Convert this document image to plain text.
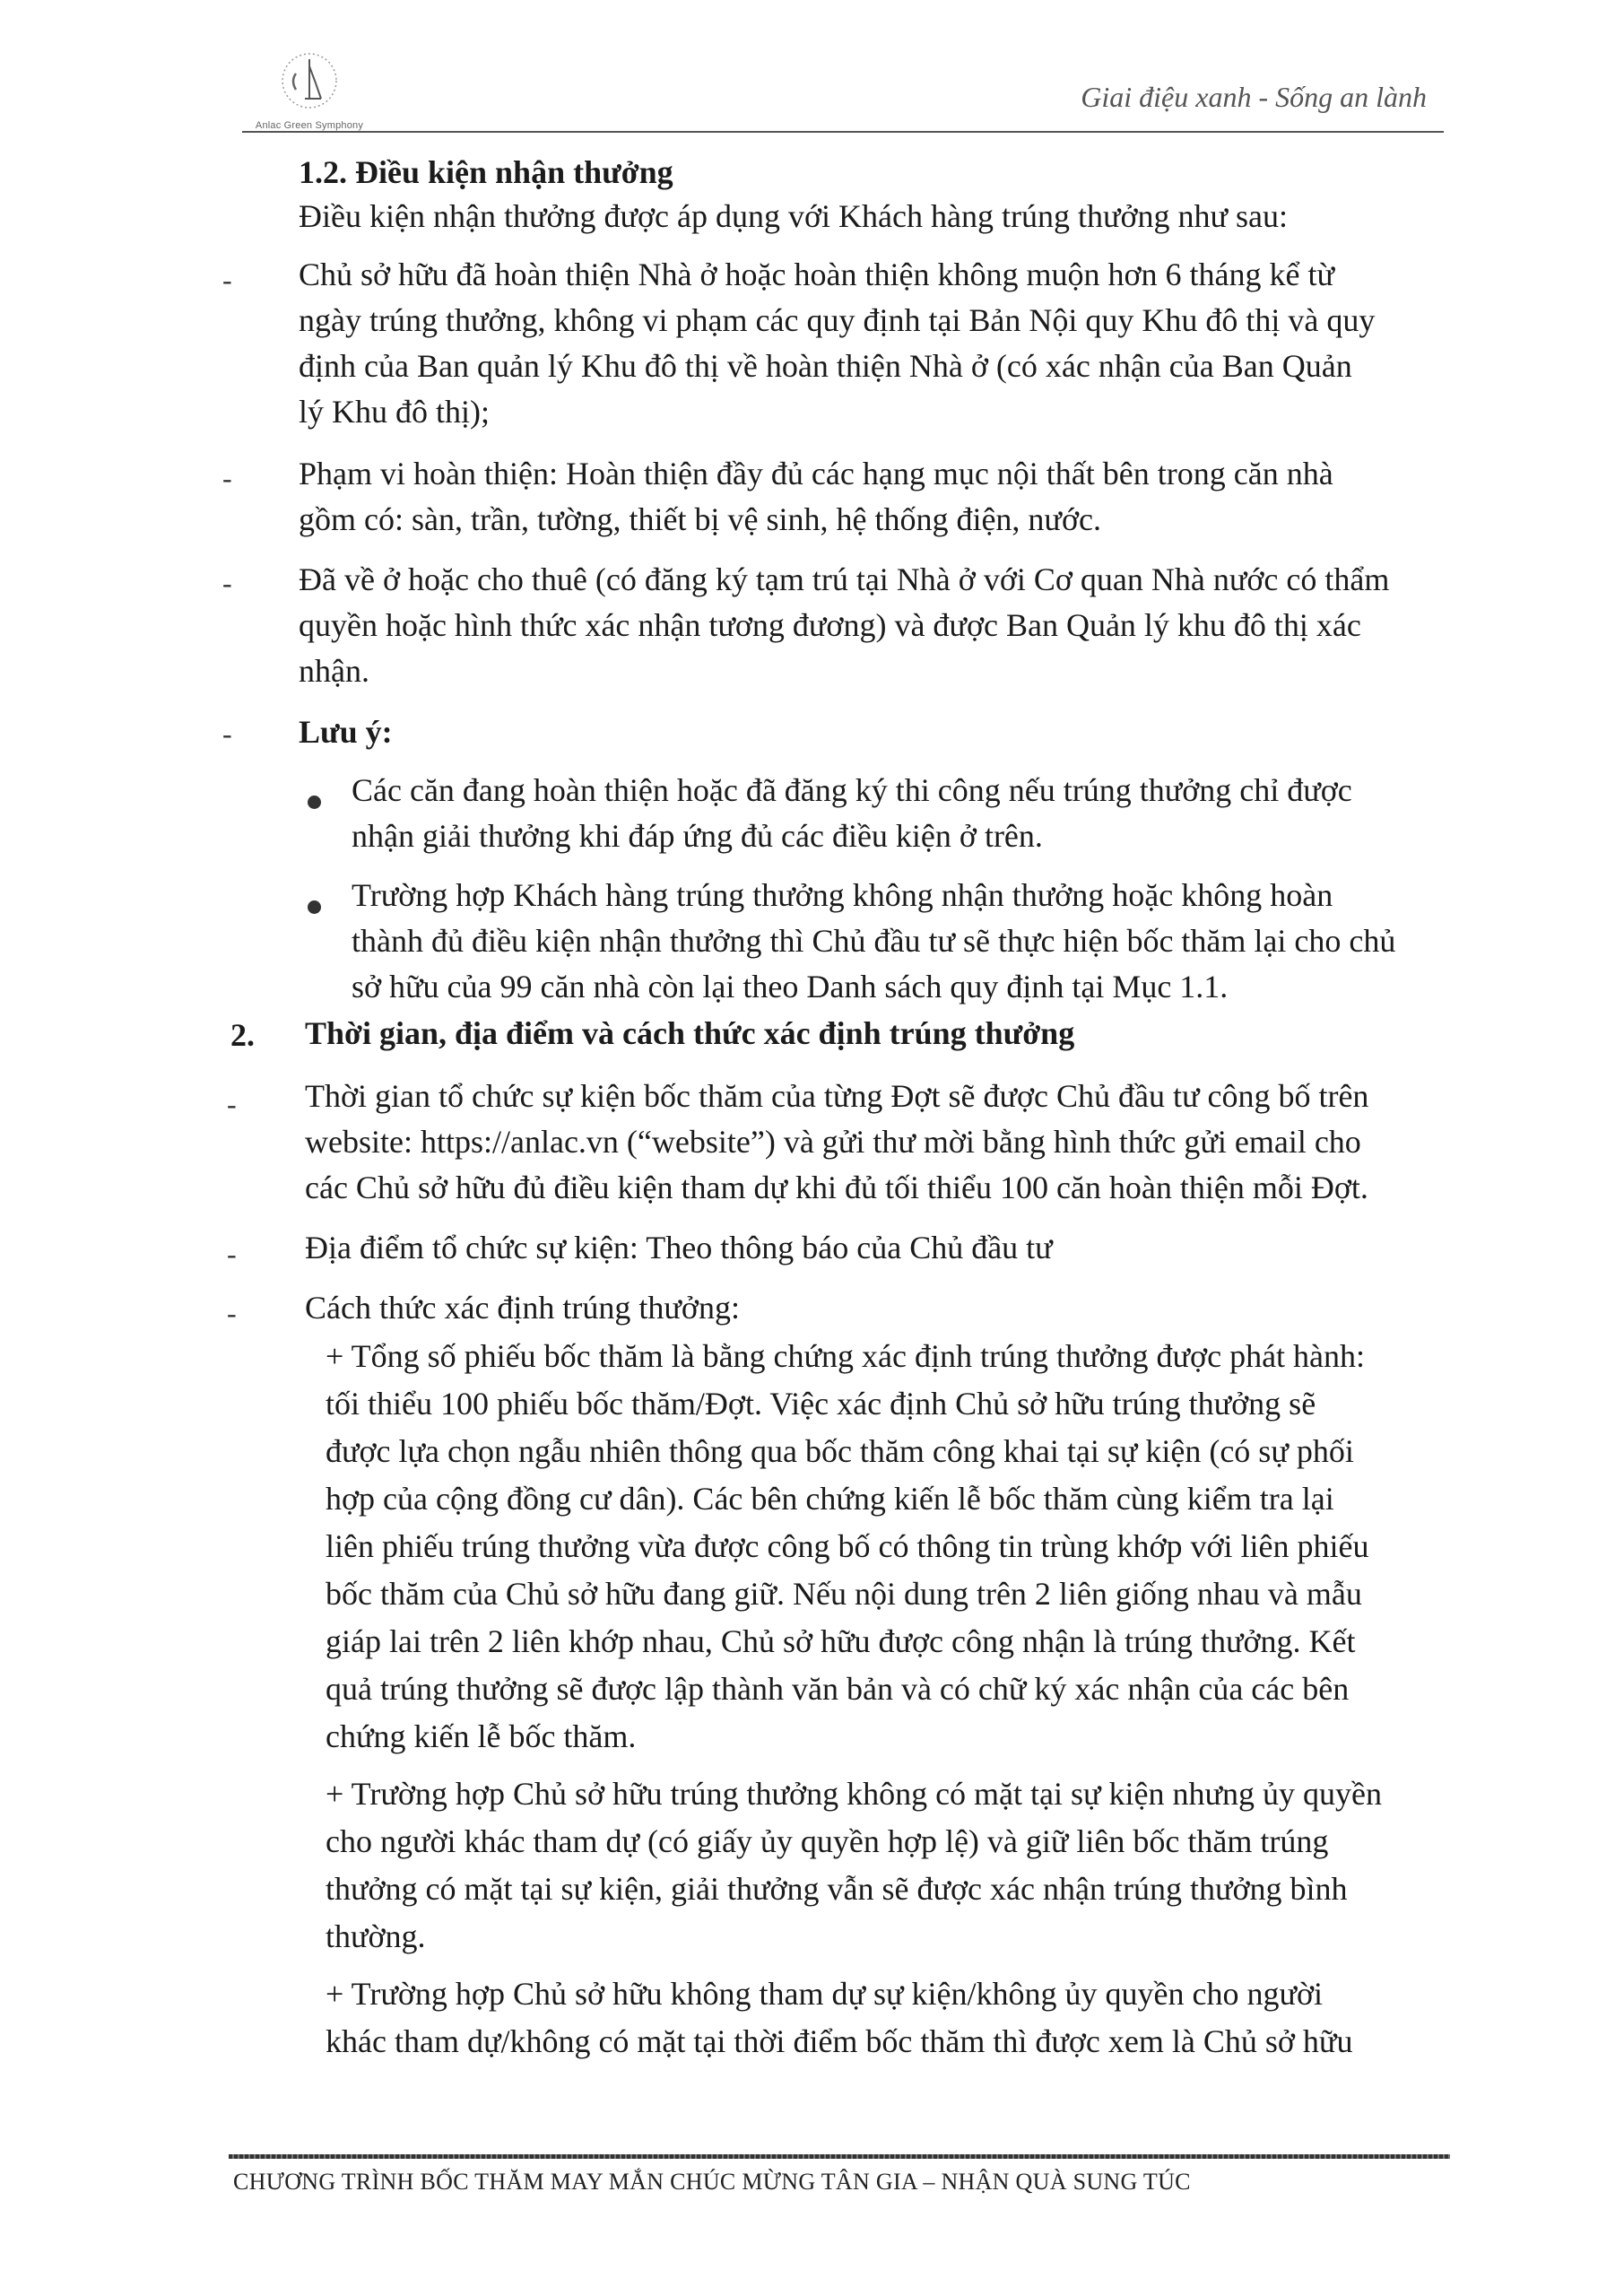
Anlac Green Symphony
Giai điệu xanh - Sống an lành
1.2. Điều kiện nhận thưởng
Điều kiện nhận thưởng được áp dụng với Khách hàng trúng thưởng như sau:
- Chủ sở hữu đã hoàn thiện Nhà ở hoặc hoàn thiện không muộn hơn 6 tháng kể từ
ngày trúng thưởng, không vi phạm các quy định tại Bản Nội quy Khu đô thị và quy
định của Ban quản lý Khu đô thị về hoàn thiện Nhà ở (có xác nhận của Ban Quản
lý Khu đô thị);
- Phạm vi hoàn thiện: Hoàn thiện đầy đủ các hạng mục nội thất bên trong căn nhà
gồm có: sàn, trần, tường, thiết bị vệ sinh, hệ thống điện, nước.
- Đã về ở hoặc cho thuê (có đăng ký tạm trú tại Nhà ở với Cơ quan Nhà nước có thẩm
quyền hoặc hình thức xác nhận tương đương) và được Ban Quản lý khu đô thị xác
nhận.
- Lưu ý:
Các căn đang hoàn thiện hoặc đã đăng ký thi công nếu trúng thưởng chỉ được
nhận giải thưởng khi đáp ứng đủ các điều kiện ở trên.
Trường hợp Khách hàng trúng thưởng không nhận thưởng hoặc không hoàn
thành đủ điều kiện nhận thưởng thì Chủ đầu tư sẽ thực hiện bốc thăm lại cho chủ
sở hữu của 99 căn nhà còn lại theo Danh sách quy định tại Mục 1.1.
2. Thời gian, địa điểm và cách thức xác định trúng thưởng
- Thời gian tổ chức sự kiện bốc thăm của từng Đợt sẽ được Chủ đầu tư công bố trên
website: https://anlac.vn (“website”) và gửi thư mời bằng hình thức gửi email cho
các Chủ sở hữu đủ điều kiện tham dự khi đủ tối thiểu 100 căn hoàn thiện mỗi Đợt.
- Địa điểm tổ chức sự kiện: Theo thông báo của Chủ đầu tư
- Cách thức xác định trúng thưởng:
+ Tổng số phiếu bốc thăm là bằng chứng xác định trúng thưởng được phát hành:
tối thiểu 100 phiếu bốc thăm/Đợt. Việc xác định Chủ sở hữu trúng thưởng sẽ
được lựa chọn ngẫu nhiên thông qua bốc thăm công khai tại sự kiện (có sự phối
hợp của cộng đồng cư dân). Các bên chứng kiến lễ bốc thăm cùng kiểm tra lại
liên phiếu trúng thưởng vừa được công bố có thông tin trùng khớp với liên phiếu
bốc thăm của Chủ sở hữu đang giữ. Nếu nội dung trên 2 liên giống nhau và mẫu
giáp lai trên 2 liên khớp nhau, Chủ sở hữu được công nhận là trúng thưởng. Kết
quả trúng thưởng sẽ được lập thành văn bản và có chữ ký xác nhận của các bên
chứng kiến lễ bốc thăm.
+ Trường hợp Chủ sở hữu trúng thưởng không có mặt tại sự kiện nhưng ủy quyền
cho người khác tham dự (có giấy ủy quyền hợp lệ) và giữ liên bốc thăm trúng
thưởng có mặt tại sự kiện, giải thưởng vẫn sẽ được xác nhận trúng thưởng bình
thường.
+ Trường hợp Chủ sở hữu không tham dự sự kiện/không ủy quyền cho người
khác tham dự/không có mặt tại thời điểm bốc thăm thì được xem là Chủ sở hữu
CHƯƠNG TRÌNH BỐC THĂM MAY MẮN CHÚC MỪNG TÂN GIA – NHẬN QUÀ SUNG TÚC
